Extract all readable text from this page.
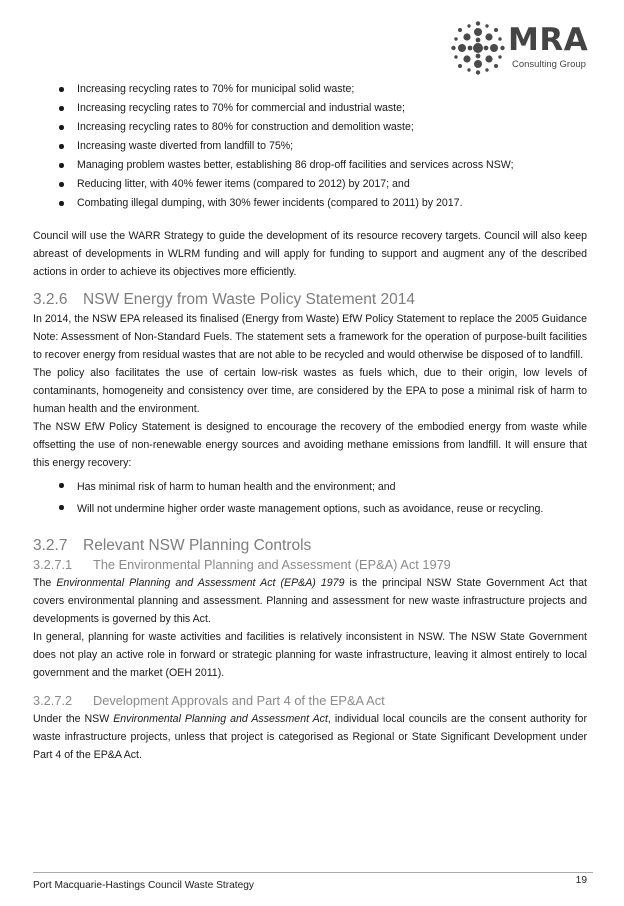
MRA
Consulting Group
Increasing recycling rates to 70% for municipal solid waste;
Increasing recycling rates to 70% for commercial and industrial waste;
Increasing recycling rates to 80% for construction and demolition waste;
Increasing waste diverted from landfill to 75%;
Managing problem wastes better, establishing 86 drop-off facilities and services across NSW;
Reducing litter, with 40% fewer items (compared to 2012) by 2017; and
Combating illegal dumping, with 30% fewer incidents (compared to 2011) by 2017.

Council will use the WARR Strategy to guide the development of its resource recovery targets. Council will also keep abreast of developments in WLRM funding and will apply for funding to support and augment any of the described actions in order to achieve its objectives more efficiently.

3.2.6 NSW Energy from Waste Policy Statement 2014

In 2014, the NSW EPA released its finalised (Energy from Waste) EfW Policy Statement to replace the 2005 Guidance Note: Assessment of Non-Standard Fuels. The statement sets a framework for the operation of purpose-built facilities to recover energy from residual wastes that are not able to be recycled and would otherwise be disposed of to landfill.

The policy also facilitates the use of certain low-risk wastes as fuels which, due to their origin, low levels of contaminants, homogeneity and consistency over time, are considered by the EPA to pose a minimal risk of harm to human health and the environment.

The NSW EfW Policy Statement is designed to encourage the recovery of the embodied energy from waste while offsetting the use of non-renewable energy sources and avoiding methane emissions from landfill. It will ensure that this energy recovery:

Has minimal risk of harm to human health and the environment; and
Will not undermine higher order waste management options, such as avoidance, reuse or recycling.
3.2.7 Relevant NSW Planning Controls
3.2.7.1 The Environmental Planning and Assessment (EP&A) Act 1979

The Environmental Planning and Assessment Act (EP&A) 1979 is the principal NSW State Government Act that covers environmental planning and assessment. Planning and assessment for new waste infrastructure projects and developments is governed by this Act.

In general, planning for waste activities and facilities is relatively inconsistent in NSW. The NSW State Government does not play an active role in forward or strategic planning for waste infrastructure, leaving it almost entirely to local government and the market (OEH 2011).

3.2.7.2 Development Approvals and Part 4 of the EP&A Act

Under the NSW Environmental Planning and Assessment Act, individual local councils are the consent authority for waste infrastructure projects, unless that project is categorised as Regional or State Significant Development under Part 4 of the EP&A Act.

Port Macquarie-Hastings Council Waste Strategy	19
